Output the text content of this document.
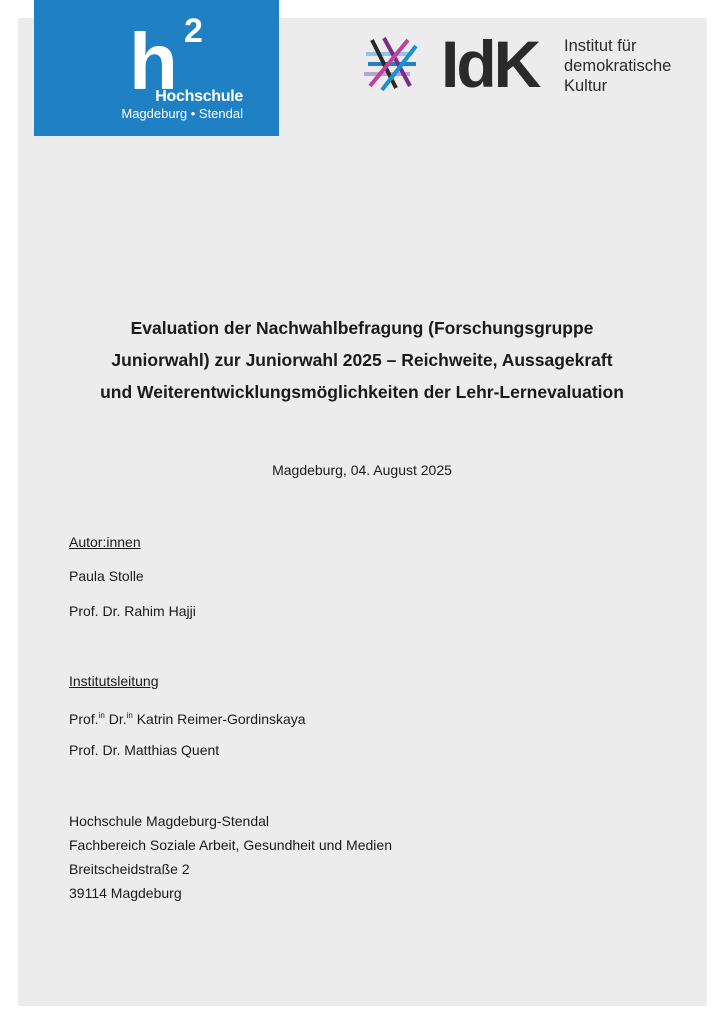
h 2
Hochschule
Magdeburg • Stendal
IdK Institut für
demokratische
Kultur
Evaluation der Nachwahlbefragung (Forschungsgruppe
Juniorwahl) zur Juniorwahl 2025 – Reichweite, Aussagekraft
und Weiterentwicklungsmöglichkeiten der Lehr-Lernevaluation
Magdeburg, 04. August 2025
Autor:innen
Paula Stolle
Prof. Dr. Rahim Hajji
Institutsleitung
Prof.$^{in}$ Dr.$^{in}$ Katrin Reimer-Gordinskaya
Prof. Dr. Matthias Quent
Hochschule Magdeburg-Stendal
Fachbereich Soziale Arbeit, Gesundheit und Medien
Breitscheidstraße 2
39114 Magdeburg
